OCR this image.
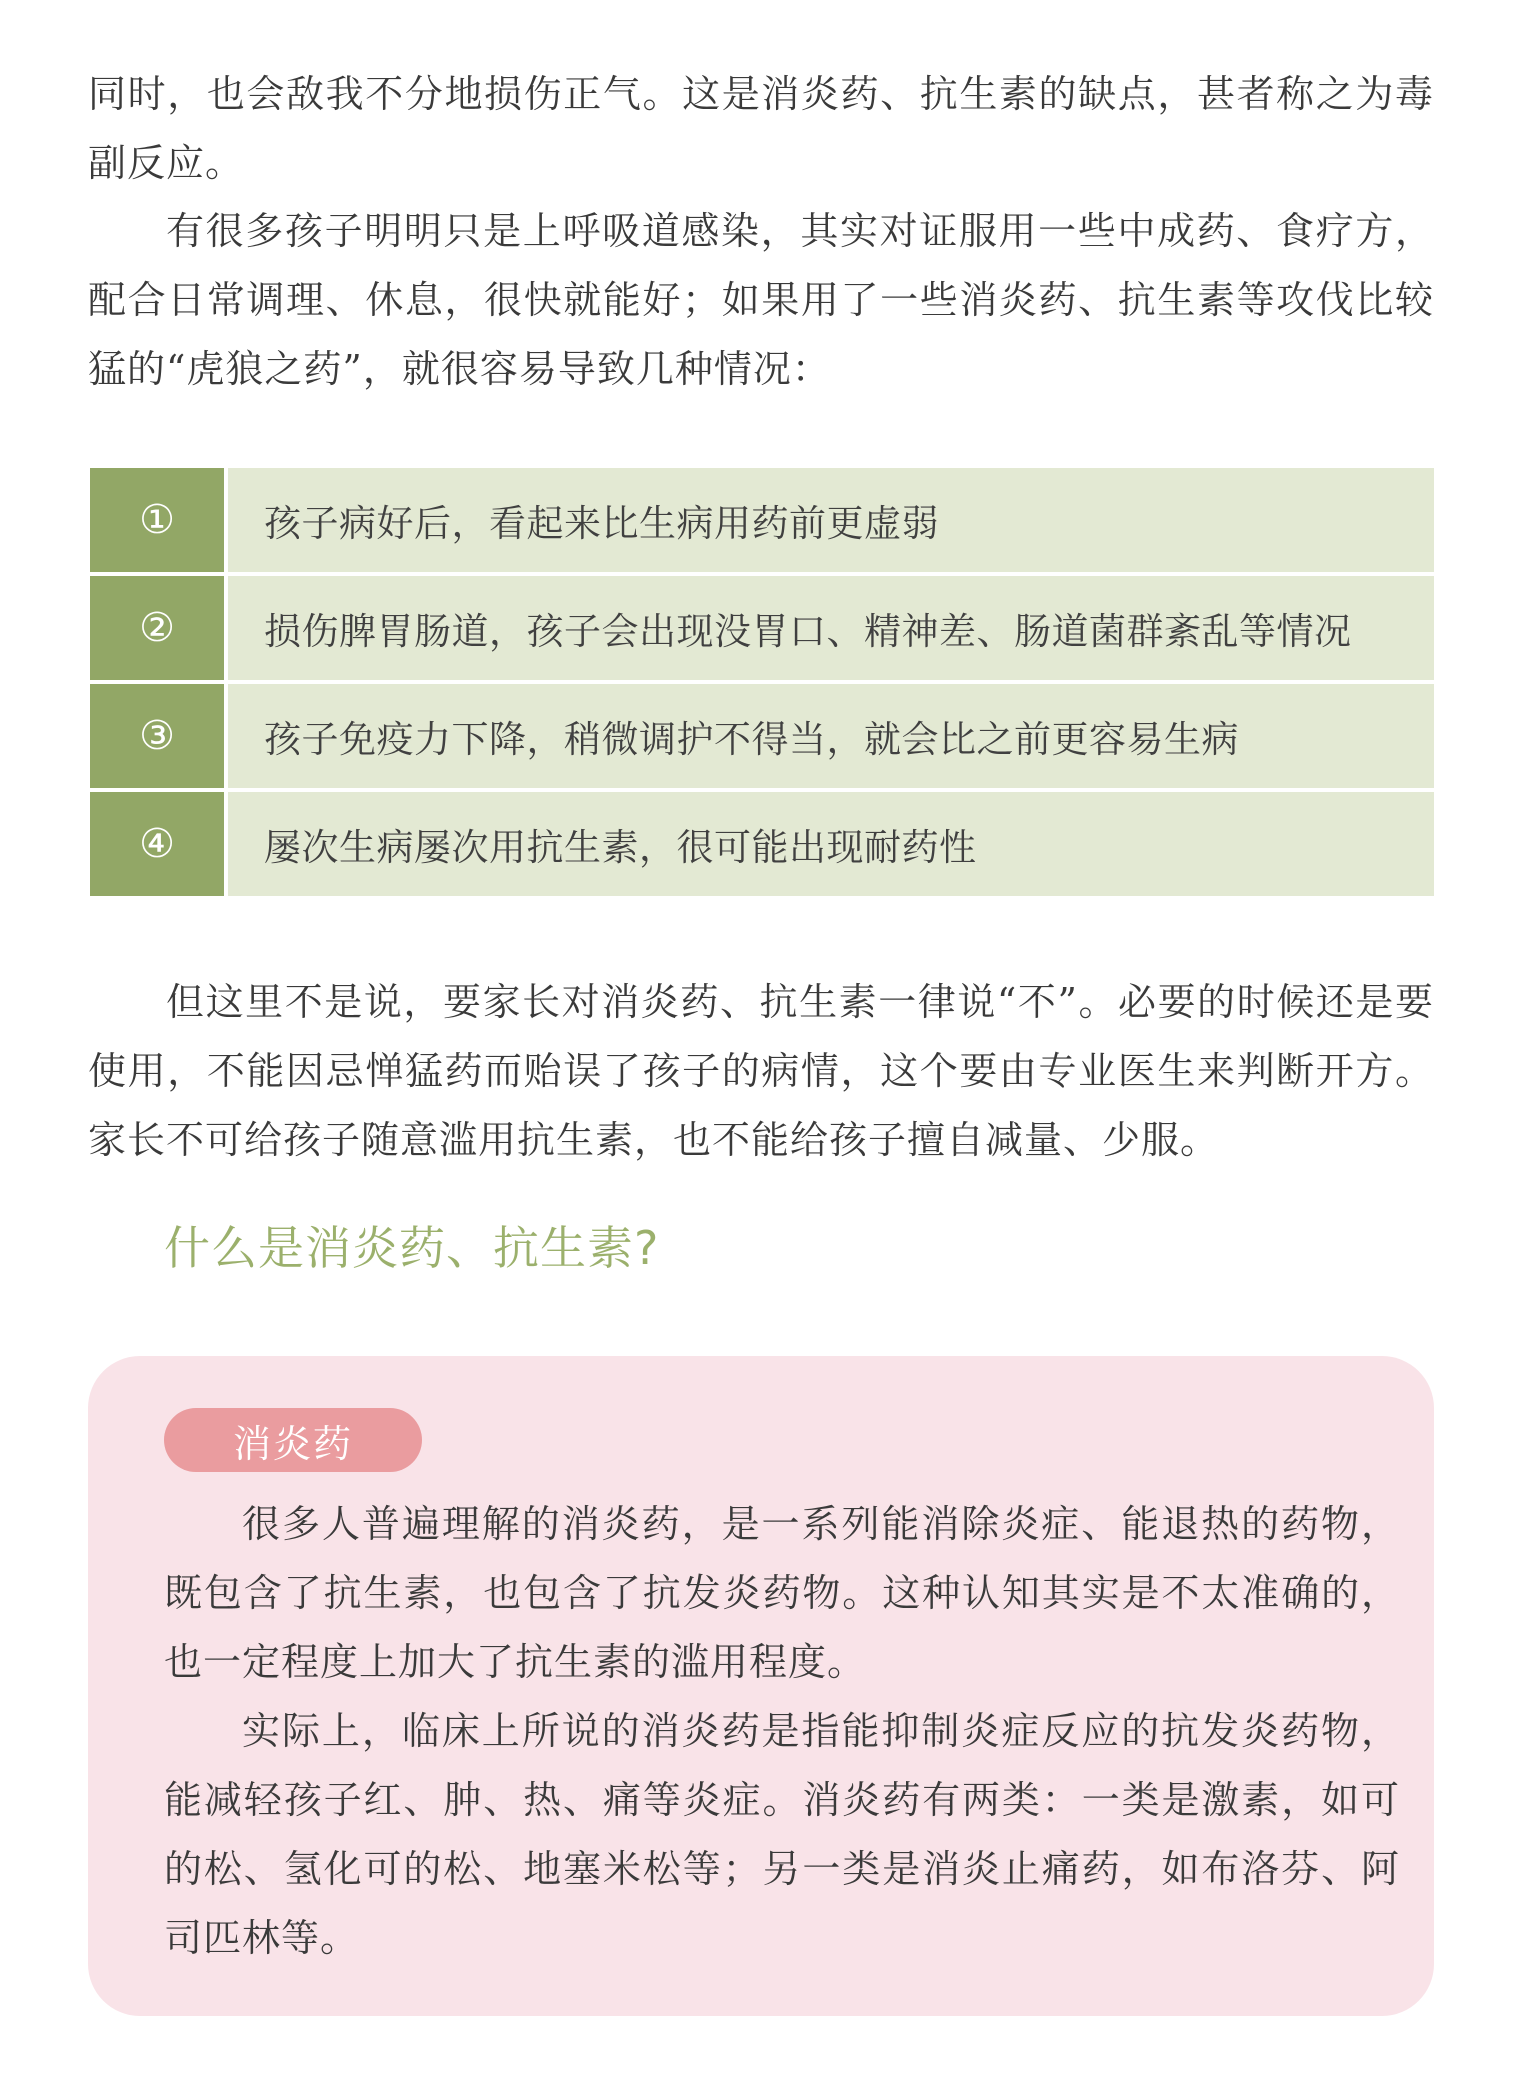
同时，也会敌我不分地损伤正气。这是消炎药、抗生素的缺点，甚者称之为毒副反应。

有很多孩子明明只是上呼吸道感染，其实对证服用一些中成药、食疗方，配合日常调理、休息，很快就能好；如果用了一些消炎药、抗生素等攻伐比较猛的“虎狼之药”，就很容易导致几种情况：

①	孩子病好后，看起来比生病用药前更虚弱
②	损伤脾胃肠道，孩子会出现没胃口、精神差、肠道菌群紊乱等情况
③	孩子免疫力下降，稍微调护不得当，就会比之前更容易生病
④	屡次生病屡次用抗生素，很可能出现耐药性

但这里不是说，要家长对消炎药、抗生素一律说“不”。必要的时候还是要使用，不能因忌惮猛药而贻误了孩子的病情，这个要由专业医生来判断开方。家长不可给孩子随意滥用抗生素，也不能给孩子擅自减量、少服。

什么是消炎药、抗生素?
消炎药

很多人普遍理解的消炎药，是一系列能消除炎症、能退热的药物，既包含了抗生素，也包含了抗发炎药物。这种认知其实是不太准确的，也一定程度上加大了抗生素的滥用程度。

实际上，临床上所说的消炎药是指能抑制炎症反应的抗发炎药物，能减轻孩子红、肿、热、痛等炎症。消炎药有两类：一类是激素，如可的松、氢化可的松、地塞米松等；另一类是消炎止痛药，如布洛芬、阿司匹林等。
